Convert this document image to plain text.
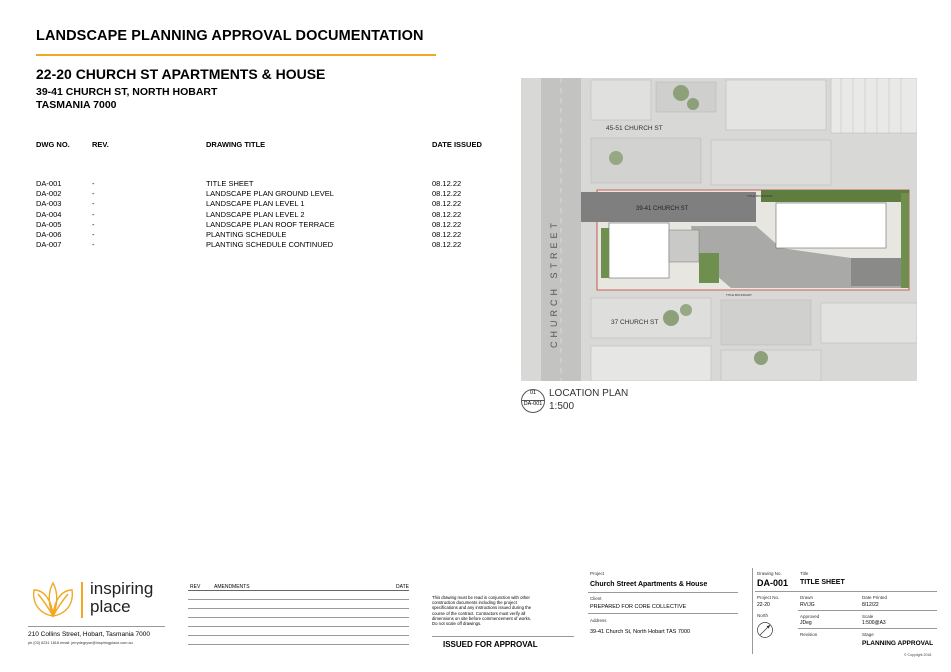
LANDSCAPE PLANNING APPROVAL DOCUMENTATION
22-20 CHURCH ST APARTMENTS & HOUSE
39-41 CHURCH ST, NORTH HOBART
TASMANIA 7000
DWG NO.	REV.	DRAWING TITLE	DATE ISSUED
DA-001	-	TITLE SHEET	08.12.22
DA-002	-	LANDSCAPE PLAN GROUND LEVEL	08.12.22
DA-003	-	LANDSCAPE PLAN LEVEL 1	08.12.22
DA-004	-	LANDSCAPE PLAN LEVEL 2	08.12.22
DA-005	-	LANDSCAPE PLAN ROOF TERRACE	08.12.22
DA-006	-	PLANTING SCHEDULE	08.12.22
DA-007	-	PLANTING SCHEDULE CONTINUED	08.12.22
45-51 CHURCH ST
39-41 CHURCH ST
TITLE BOUNDARY
TITLE BOUNDARY
37 CHURCH ST
CHURCH STREET
01
DA-001
LOCATION PLAN
1:500
inspiring
place
210 Collins Street, Hobart, Tasmania 7000
ph (03) 6231 1818 email: jerrydegryse@inspiringplace.com.au
REV	AMENDMENTS	DATE
This drawing must be read in conjunction with other
construction documents including the project
specifications and any instructions issued during the
course of the contract. Contractors must verify all
dimensions on site before commencement of works.
Do not scale off drawings.
ISSUED FOR APPROVAL
Project
Church Street Apartments & House
Client
PREPARED FOR CORE COLLECTIVE
Address
39-41 Church St, North Hobart TAS 7000
Drawing No.
DA-001
Title
TITLE SHEET
Project No.
22-20
Drawn
RV/JG
Date Printed
8/12/22
North	Approved
JDeg
Scale
1:500@A3
Revision	Stage
PLANNING APPROVAL
© Copyright 2018
